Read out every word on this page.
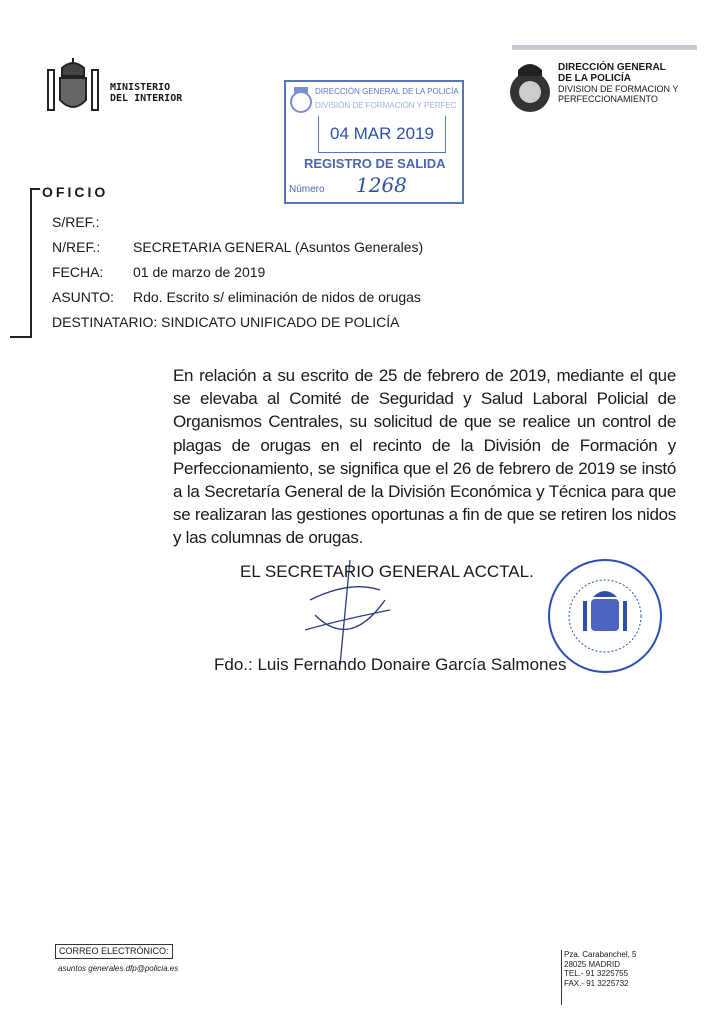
MINISTERIO
DEL INTERIOR
DIRECCIÓN GENERAL
DE LA POLICÍA
DIVISION DE FORMACION Y
PERFECCIONAMIENTO
DIRECCIÓN GENERAL DE LA POLICÍA
DIVISIÓN DE FORMACIÓN Y PERFEC
04 MAR 2019
REGISTRO DE SALIDA
Número 1268
OFICIO
S/REF.:
N/REF.: SECRETARIA GENERAL (Asuntos Generales)
FECHA: 01 de marzo de 2019
ASUNTO: Rdo. Escrito s/ eliminación de nidos de orugas
DESTINATARIO: SINDICATO UNIFICADO DE POLICÍA
En relación a su escrito de 25 de febrero de 2019, mediante el que se elevaba al Comité de Seguridad y Salud Laboral Policial de Organismos Centrales, su solicitud de que se realice un control de plagas de orugas en el recinto de la División de Formación y Perfeccionamiento, se significa que el 26 de febrero de 2019 se instó a la Secretaría General de la División Económica y Técnica para que se realizaran las gestiones oportunas a fin de que se retiren los nidos y las columnas de orugas.
EL SECRETARIO GENERAL ACCTAL.
Fdo.: Luis Fernando Donaire García Salmones
CORREO ELECTRÓNICO:
asuntos generales.dfp@policia.es
Pza. Carabanchel, 5
28025 MADRID
TEL.- 91 3225755
FAX.- 91 3225732
